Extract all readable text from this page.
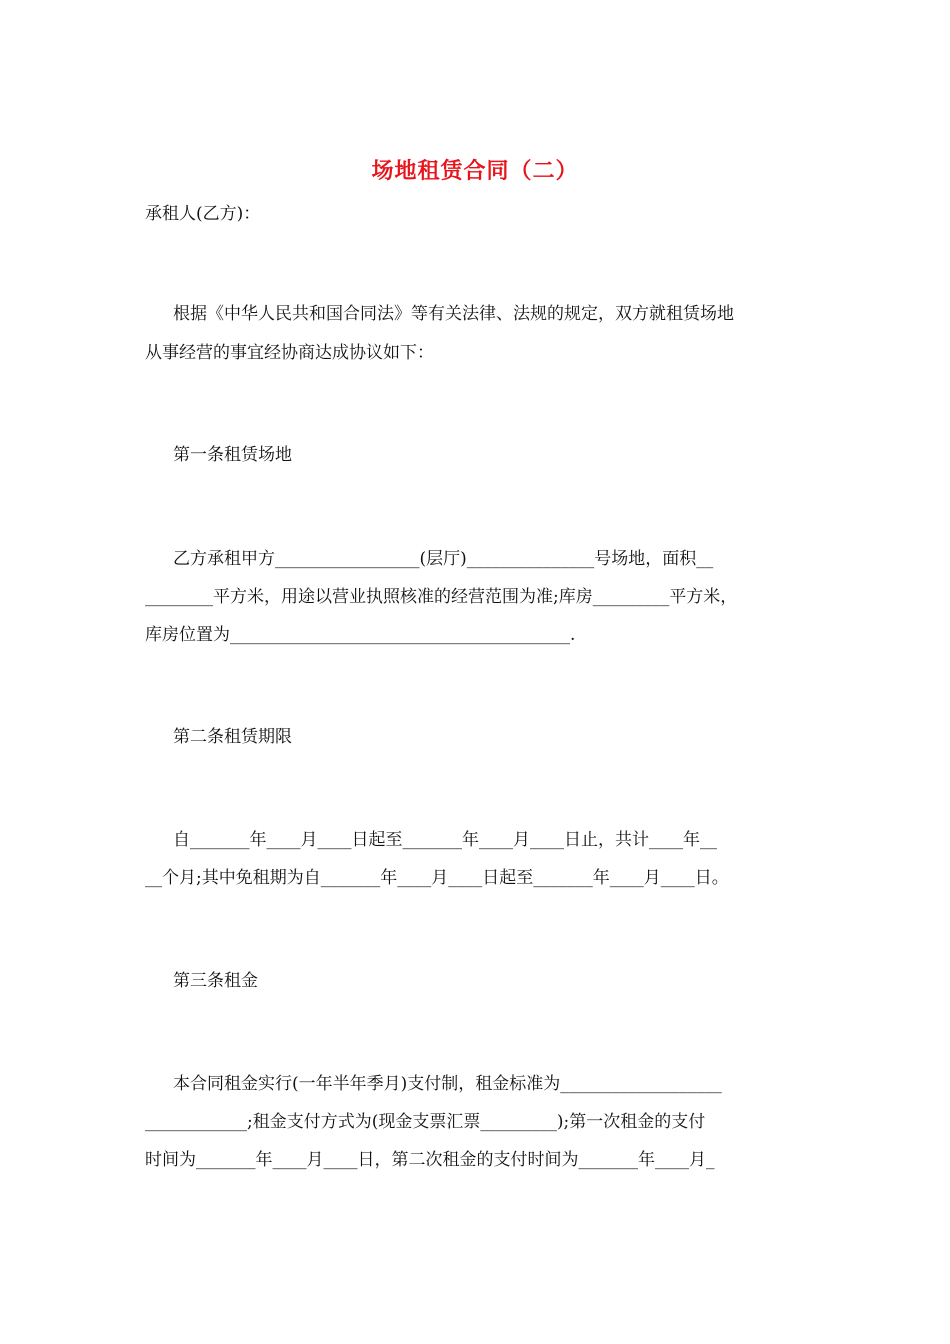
场地租赁合同（二）
承租人(乙方)：
根据《中华人民共和国合同法》等有关法律、法规的规定，双方就租赁场地
从事经营的事宜经协商达成协议如下：
第一条租赁场地
乙方承租甲方_________________(层厅)_______________号场地，面积__
________平方米，用途以营业执照核准的经营范围为准;库房_________平方米，
库房位置为________________________________________.
第二条租赁期限
自_______年____月____日起至_______年____月____日止，共计____年__
__个月;其中免租期为自_______年____月____日起至_______年____月____日。
第三条租金
本合同租金实行(一年半年季月)支付制，租金标准为___________________
____________;租金支付方式为(现金支票汇票_________);第一次租金的支付
时间为_______年____月____日，第二次租金的支付时间为_______年____月_
